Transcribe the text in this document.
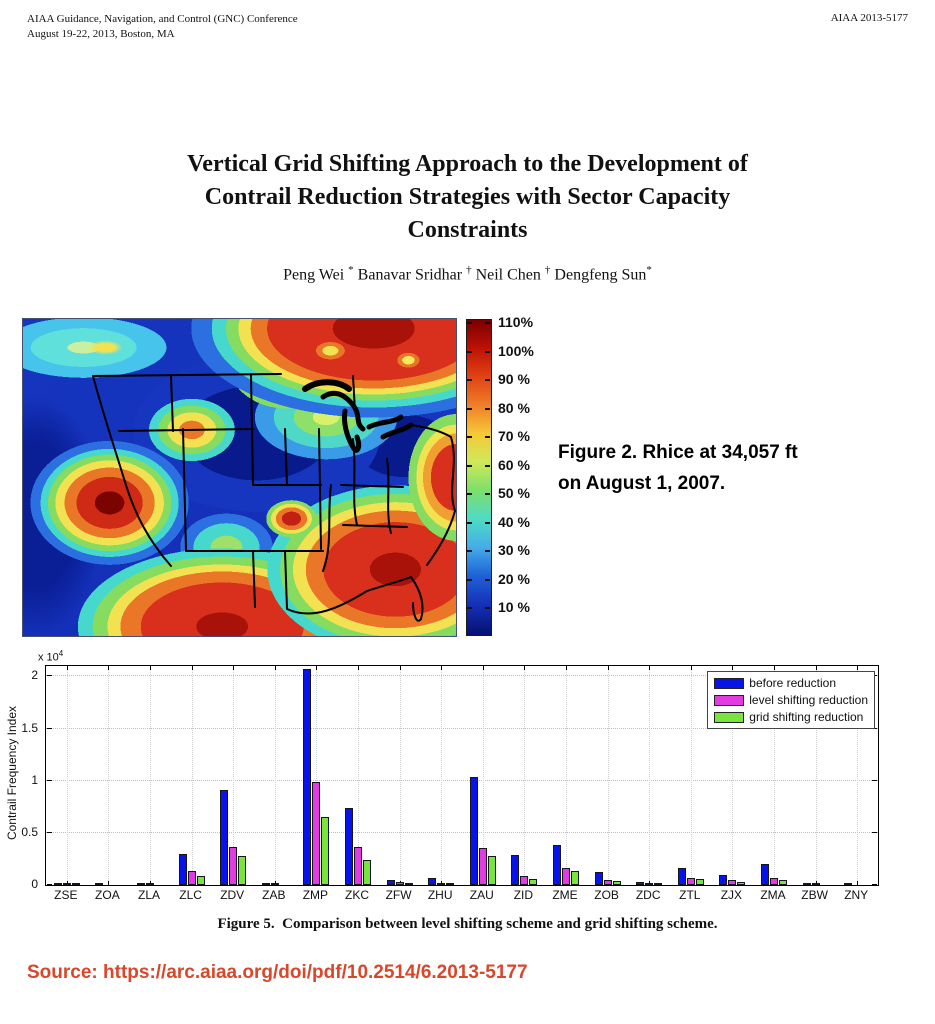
AIAA Guidance, Navigation, and Control (GNC) Conference
August 19-22, 2013, Boston, MA
AIAA 2013-5177
Vertical Grid Shifting Approach to the Development of
Contrail Reduction Strategies with Sector Capacity
Constraints
Peng Wei * Banavar Sridhar † Neil Chen † Dengfeng Sun*
110%
100%
90 %
80 %
70 %
60 %
50 %
40 %
30 %
20 %
10 %
Figure 2. Rhice at 34,057 ft
on August 1, 2007.
x $10^4$
Contrail Frequency Index
before reduction
level shifting reduction
grid shifting reduction
0
0.5
1
1.5
2
ZSE	ZOA	ZLA	ZLC	ZDV	ZAB	ZMP	ZKC	ZFW	ZHU	ZAU	ZID	ZME	ZOB	ZDC	ZTL	ZJX	ZMA	ZBW	ZNY
Figure 5.  Comparison between level shifting scheme and grid shifting scheme.
Source: https://arc.aiaa.org/doi/pdf/10.2514/6.2013-5177
